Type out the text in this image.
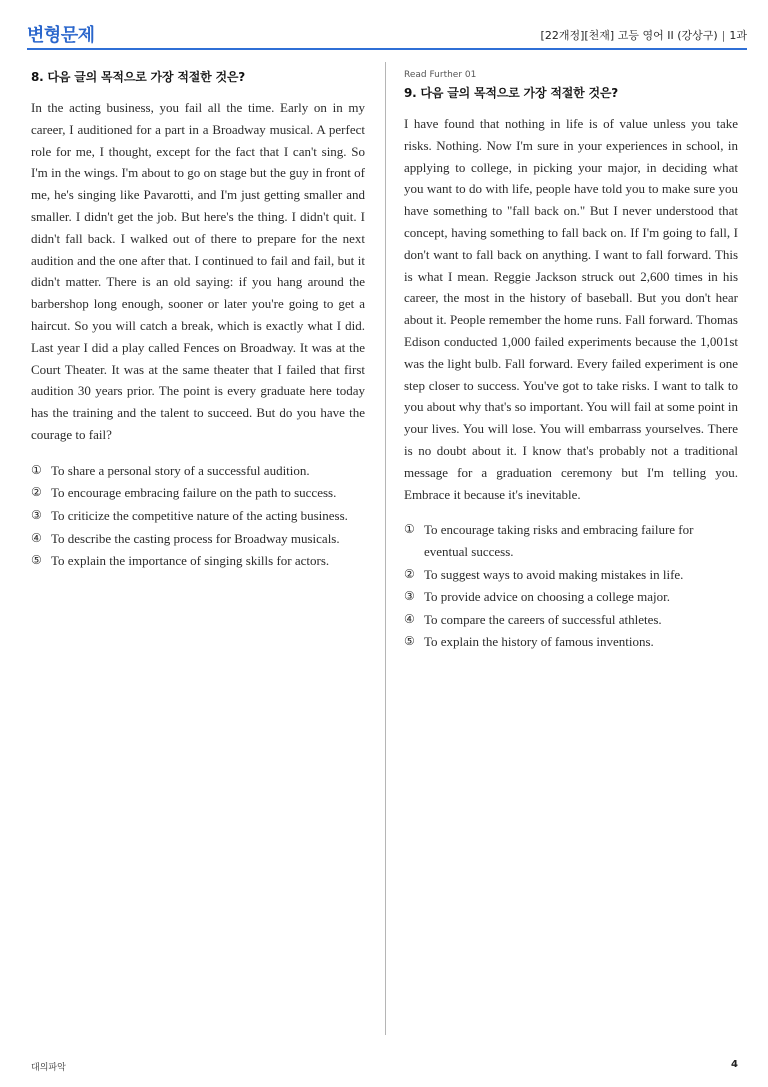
변형문제	[22개정][천재] 고등 영어 II (강상구) | 1과
8. 다음 글의 목적으로 가장 적절한 것은?

In the acting business, you fail all the time. Early on in my career, I auditioned for a part in a Broadway musical. A perfect role for me, I thought, except for the fact that I can't sing. So I'm in the wings. I'm about to go on stage but the guy in front of me, he's singing like Pavarotti, and I'm just getting smaller and smaller. I didn't get the job. But here's the thing. I didn't quit. I didn't fall back. I walked out of there to prepare for the next audition and the one after that. I continued to fail and fail, but it didn't matter. There is an old saying: if you hang around the barbershop long enough, sooner or later you're going to get a haircut. So you will catch a break, which is exactly what I did. Last year I did a play called Fences on Broadway. It was at the Court Theater. It was at the same theater that I failed that first audition 30 years prior. The point is every graduate here today has the training and the talent to succeed. But do you have the courage to fail?

① To share a personal story of a successful audition.
② To encourage embracing failure on the path to success.
③ To criticize the competitive nature of the acting business.
④ To describe the casting process for Broadway musicals.
⑤ To explain the importance of singing skills for actors.
Read Further 01
9. 다음 글의 목적으로 가장 적절한 것은?

I have found that nothing in life is of value unless you take risks. Nothing. Now I'm sure in your experiences in school, in applying to college, in picking your major, in deciding what you want to do with life, people have told you to make sure you have something to "fall back on." But I never understood that concept, having something to fall back on. If I'm going to fall, I don't want to fall back on anything. I want to fall forward. This is what I mean. Reggie Jackson struck out 2,600 times in his career, the most in the history of baseball. But you don't hear about it. People remember the home runs. Fall forward. Thomas Edison conducted 1,000 failed experiments because the 1,001st was the light bulb. Fall forward. Every failed experiment is one step closer to success. You've got to take risks. I want to talk to you about why that's so important. You will fail at some point in your lives. You will lose. You will embarrass yourselves. There is no doubt about it. I know that's probably not a traditional message for a graduation ceremony but I'm telling you. Embrace it because it's inevitable.

① To encourage taking risks and embracing failure for eventual success.
② To suggest ways to avoid making mistakes in life.
③ To provide advice on choosing a college major.
④ To compare the careers of successful athletes.
⑤ To explain the history of famous inventions.
대의파악	4
